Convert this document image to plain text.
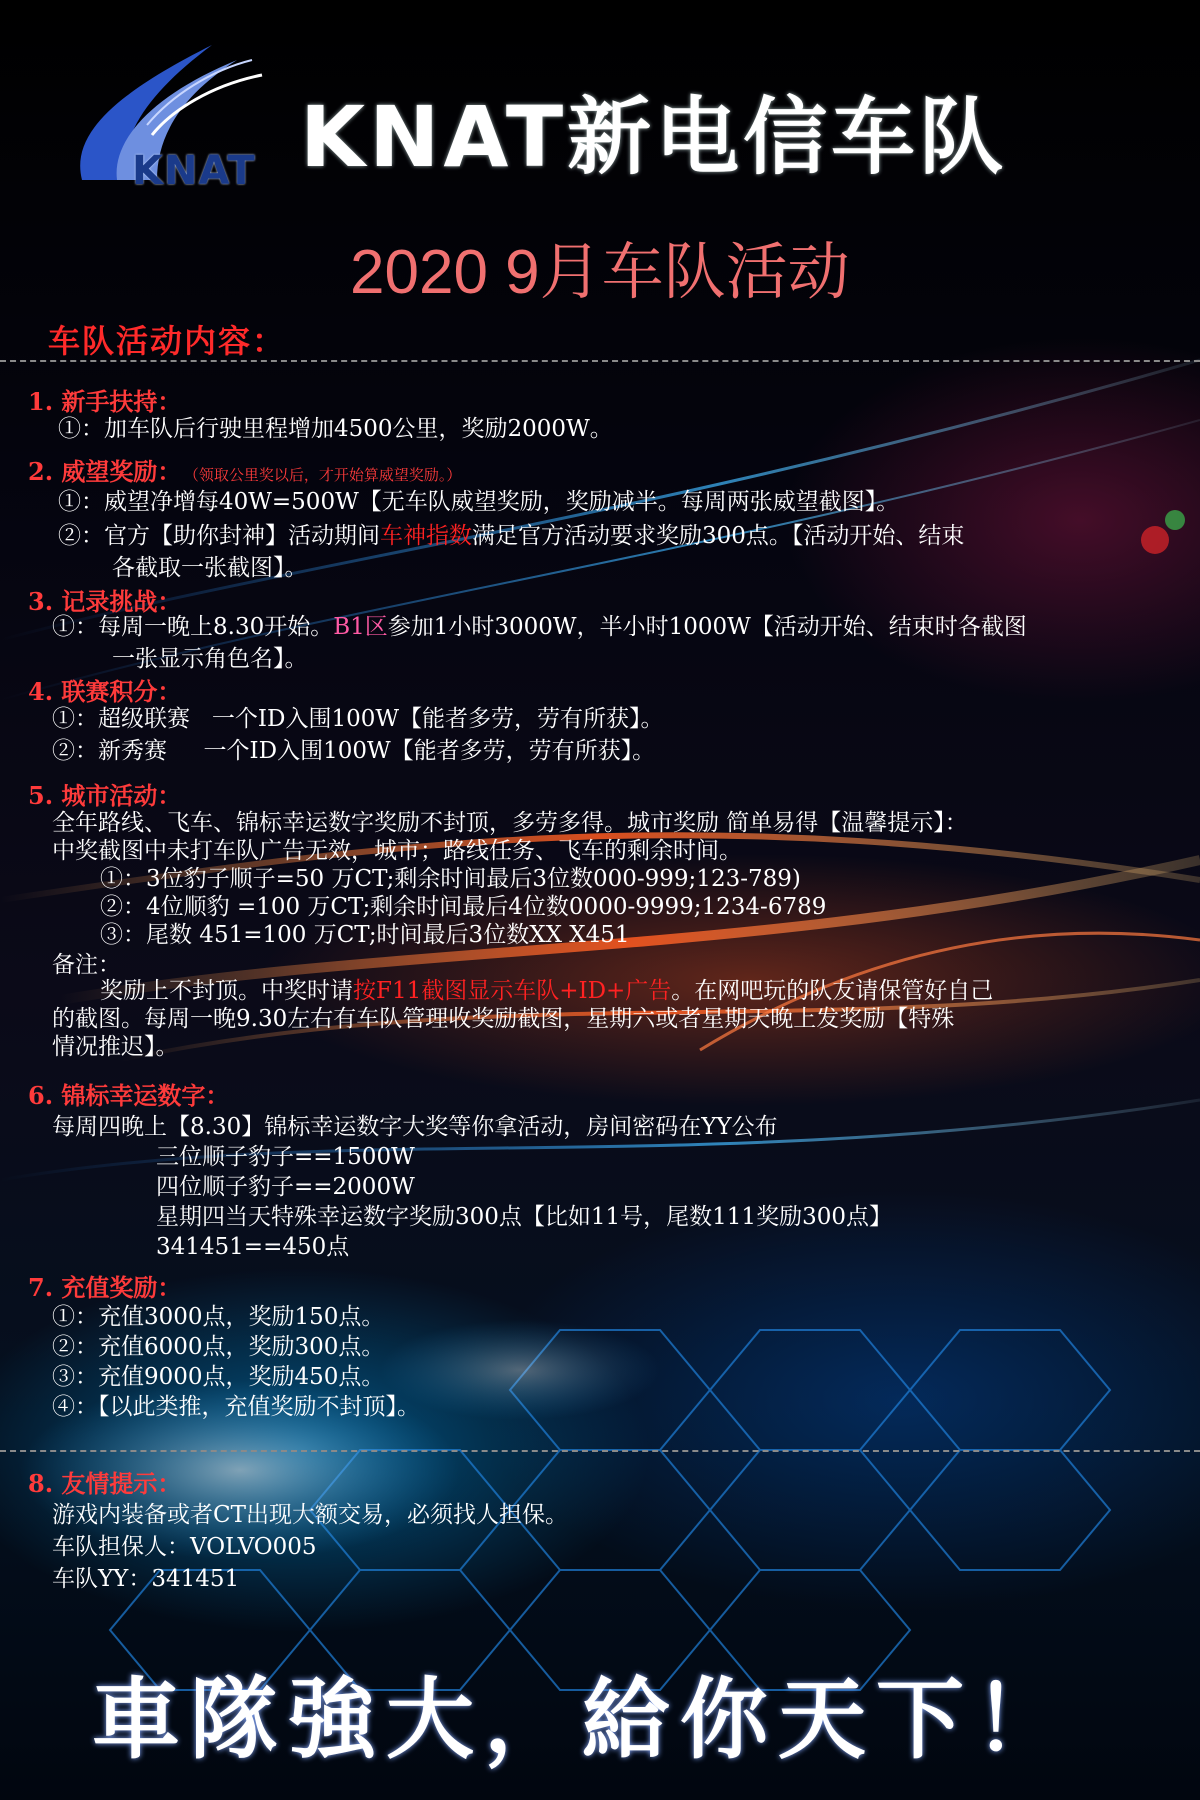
KNAT KNAT新电信车队
2020 9月车队活动
车队活动内容：
1. 新手扶持：
①：加车队后行驶里程增加4500公里，奖励2000W。
2. 威望奖励： （领取公里奖以后，才开始算威望奖励。）
①：威望净增每40W=500W【无车队威望奖励，奖励减半。每周两张威望截图】。
②：官方【助你封神】活动期间车神指数满足官方活动要求奖励300点。【活动开始、结束
各截取一张截图】。
3. 记录挑战：
①：每周一晚上8.30开始。B1区参加1小时3000W，半小时1000W【活动开始、结束时各截图
一张显示角色名】。
4. 联赛积分：
①：超级联赛   一个ID入围100W【能者多劳，劳有所获】。
②：新秀赛     一个ID入围100W【能者多劳，劳有所获】。
5. 城市活动：
全年路线、飞车、锦标幸运数字奖励不封顶，多劳多得。城市奖励 简单易得【温馨提示】：
中奖截图中未打车队广告无效，城市；路线任务、飞车的剩余时间。
①：3位豹子顺子=50 万CT;剩余时间最后3位数000-999;123-789)
②：4位顺豹 =100 万CT;剩余时间最后4位数0000-9999;1234-6789
③：尾数 451=100 万CT;时间最后3位数XX X451
备注：
奖励上不封顶。中奖时请按F11截图显示车队+ID+广告。在网吧玩的队友请保管好自己
的截图。每周一晚9.30左右有车队管理收奖励截图，星期六或者星期天晚上发奖励【特殊
情况推迟】。
6. 锦标幸运数字：
每周四晚上【8.30】锦标幸运数字大奖等你拿活动，房间密码在YY公布
三位顺子豹子==1500W
四位顺子豹子==2000W
星期四当天特殊幸运数字奖励300点【比如11号，尾数111奖励300点】
341451==450点
7. 充值奖励：
①：充值3000点，奖励150点。
②：充值6000点，奖励300点。
③：充值9000点，奖励450点。
④：【以此类推，充值奖励不封顶】。
8. 友情提示：
游戏内装备或者CT出现大额交易，必须找人担保。
车队担保人：VOLVO005
车队YY：341451
車隊強大，給你天下！
